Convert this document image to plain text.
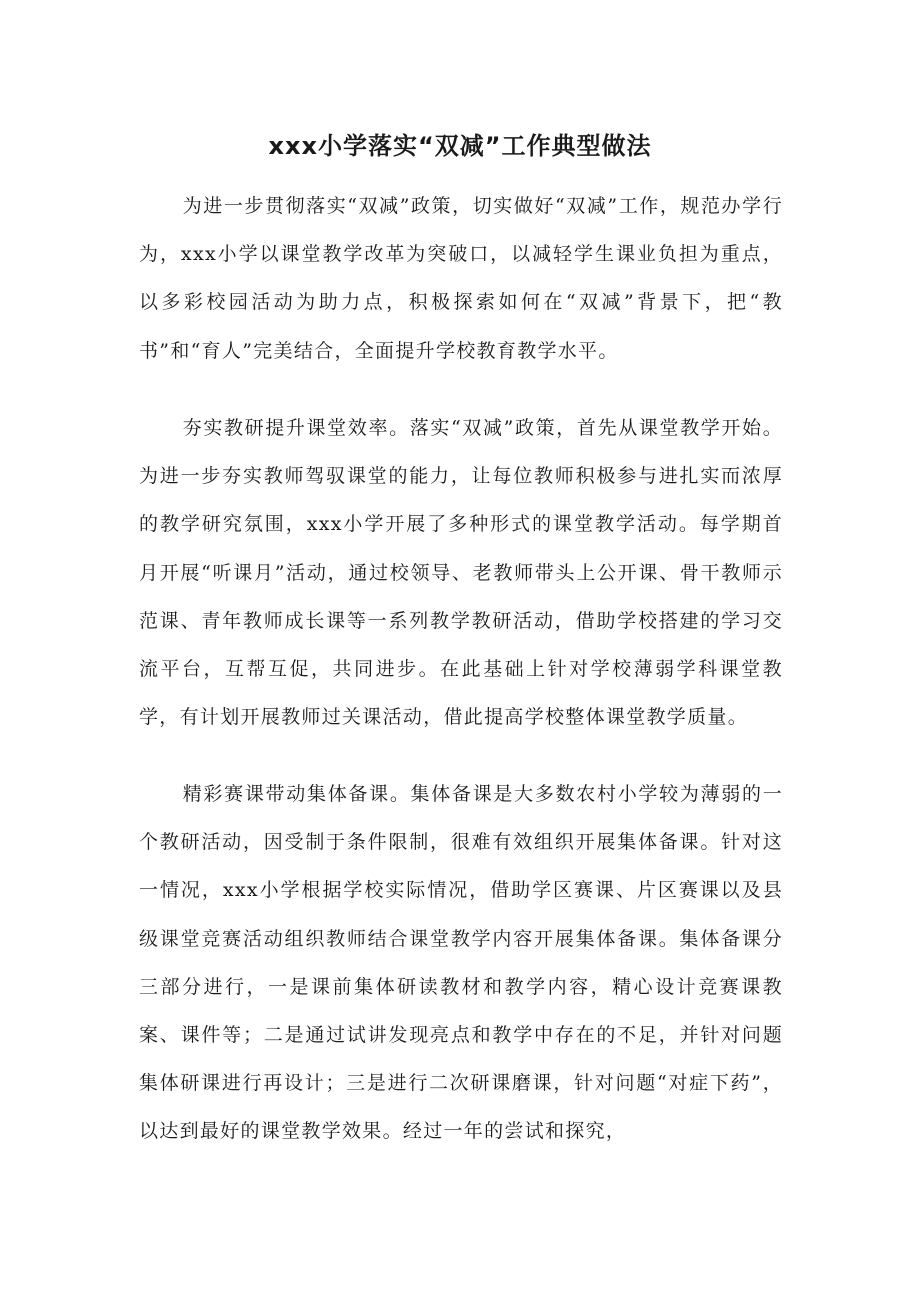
xxx小学落实“双减”工作典型做法

为进一步贯彻落实“双减”政策，切实做好“双减”工作，规范办学行为，xxx小学以课堂教学改革为突破口，以减轻学生课业负担为重点，以多彩校园活动为助力点，积极探索如何在“双减”背景下，把“教书”和“育人”完美结合，全面提升学校教育教学水平。

夯实教研提升课堂效率。落实“双减”政策，首先从课堂教学开始。为进一步夯实教师驾驭课堂的能力，让每位教师积极参与进扎实而浓厚的教学研究氛围，xxx小学开展了多种形式的课堂教学活动。每学期首月开展“听课月”活动，通过校领导、老教师带头上公开课、骨干教师示范课、青年教师成长课等一系列教学教研活动，借助学校搭建的学习交流平台，互帮互促，共同进步。在此基础上针对学校薄弱学科课堂教学，有计划开展教师过关课活动，借此提高学校整体课堂教学质量。

精彩赛课带动集体备课。集体备课是大多数农村小学较为薄弱的一个教研活动，因受制于条件限制，很难有效组织开展集体备课。针对这一情况，xxx小学根据学校实际情况，借助学区赛课、片区赛课以及县级课堂竞赛活动组织教师结合课堂教学内容开展集体备课。集体备课分三部分进行，一是课前集体研读教材和教学内容，精心设计竞赛课教案、课件等；二是通过试讲发现亮点和教学中存在的不足，并针对问题集体研课进行再设计；三是进行二次研课磨课，针对问题“对症下药”，以达到最好的课堂教学效果。经过一年的尝试和探究，
